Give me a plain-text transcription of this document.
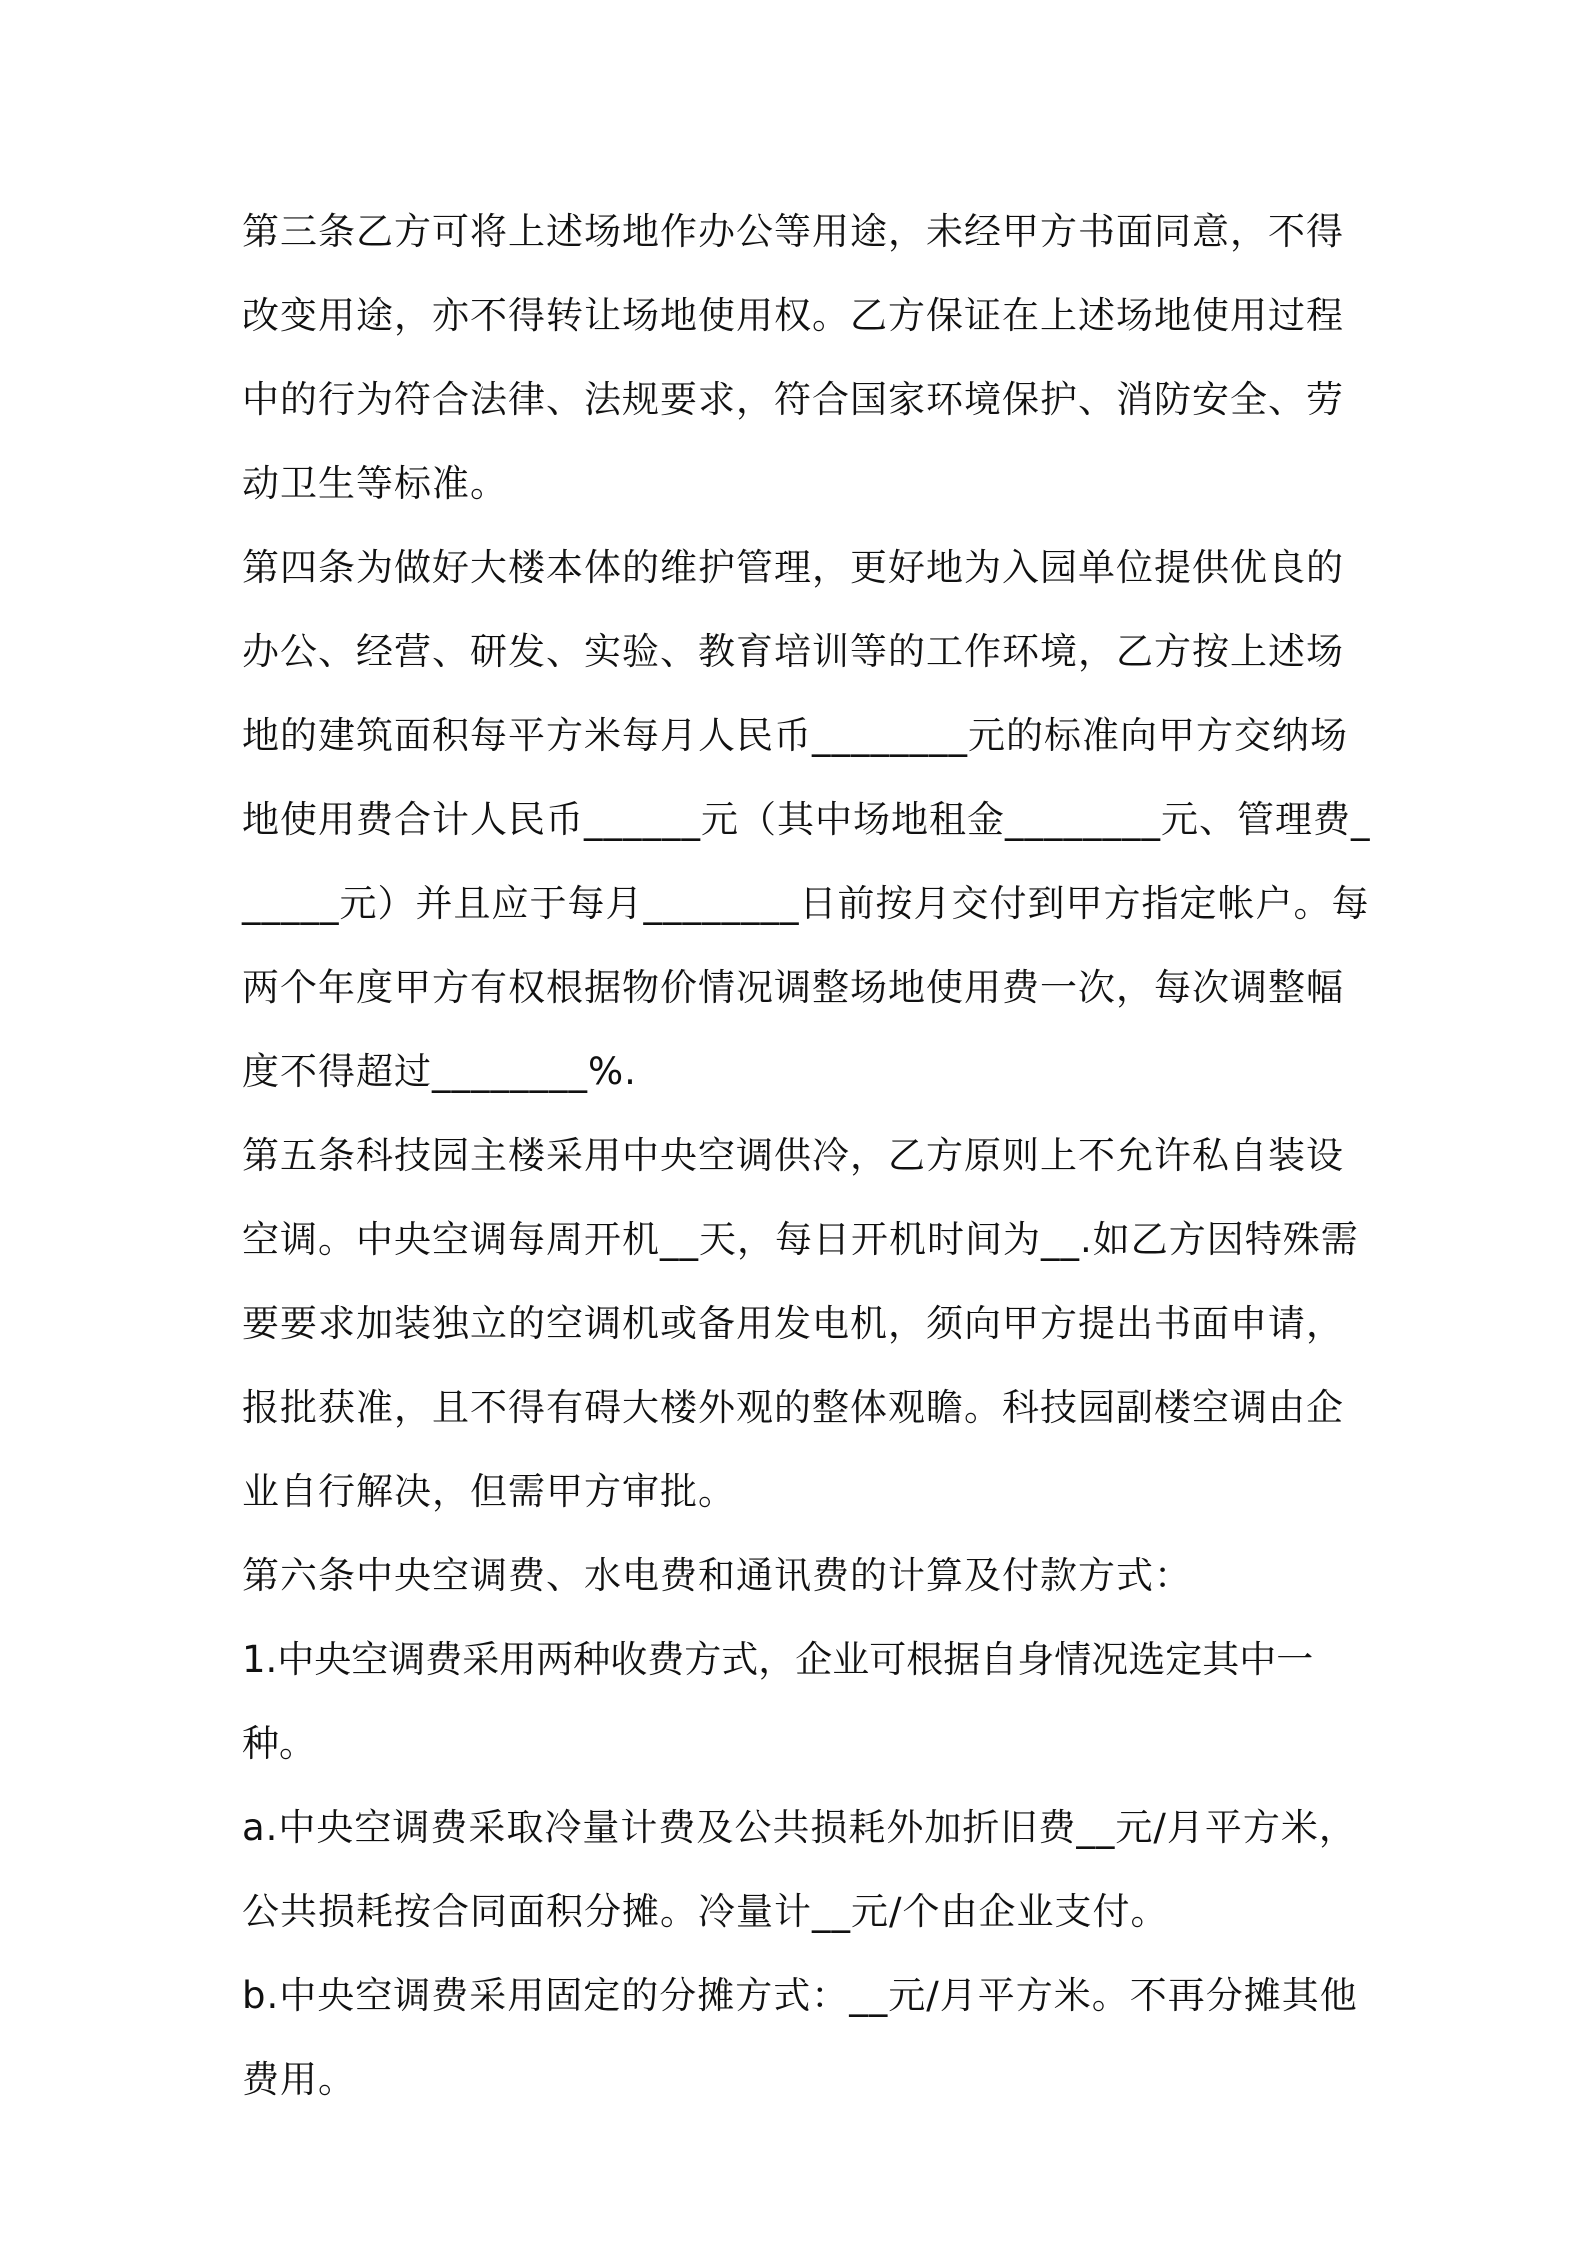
第三条乙方可将上述场地作办公等用途，未经甲方书面同意，不得改变用途，亦不得转让场地使用权。乙方保证在上述场地使用过程中的行为符合法律、法规要求，符合国家环境保护、消防安全、劳动卫生等标准。

第四条为做好大楼本体的维护管理，更好地为入园单位提供优良的办公、经营、研发、实验、教育培训等的工作环境，乙方按上述场地的建筑面积每平方米每月人民币________元的标准向甲方交纳场地使用费合计人民币______元（其中场地租金________元、管理费______元）并且应于每月________日前按月交付到甲方指定帐户。每两个年度甲方有权根据物价情况调整场地使用费一次，每次调整幅度不得超过________%.

第五条科技园主楼采用中央空调供冷，乙方原则上不允许私自装设空调。中央空调每周开机__天，每日开机时间为__.如乙方因特殊需要要求加装独立的空调机或备用发电机，须向甲方提出书面申请，报批获准，且不得有碍大楼外观的整体观瞻。科技园副楼空调由企业自行解决，但需甲方审批。

第六条中央空调费、水电费和通讯费的计算及付款方式：

1.中央空调费采用两种收费方式，企业可根据自身情况选定其中一种。

a.中央空调费采取冷量计费及公共损耗外加折旧费__元/月平方米，公共损耗按合同面积分摊。冷量计__元/个由企业支付。

b.中央空调费采用固定的分摊方式：__元/月平方米。不再分摊其他费用。
